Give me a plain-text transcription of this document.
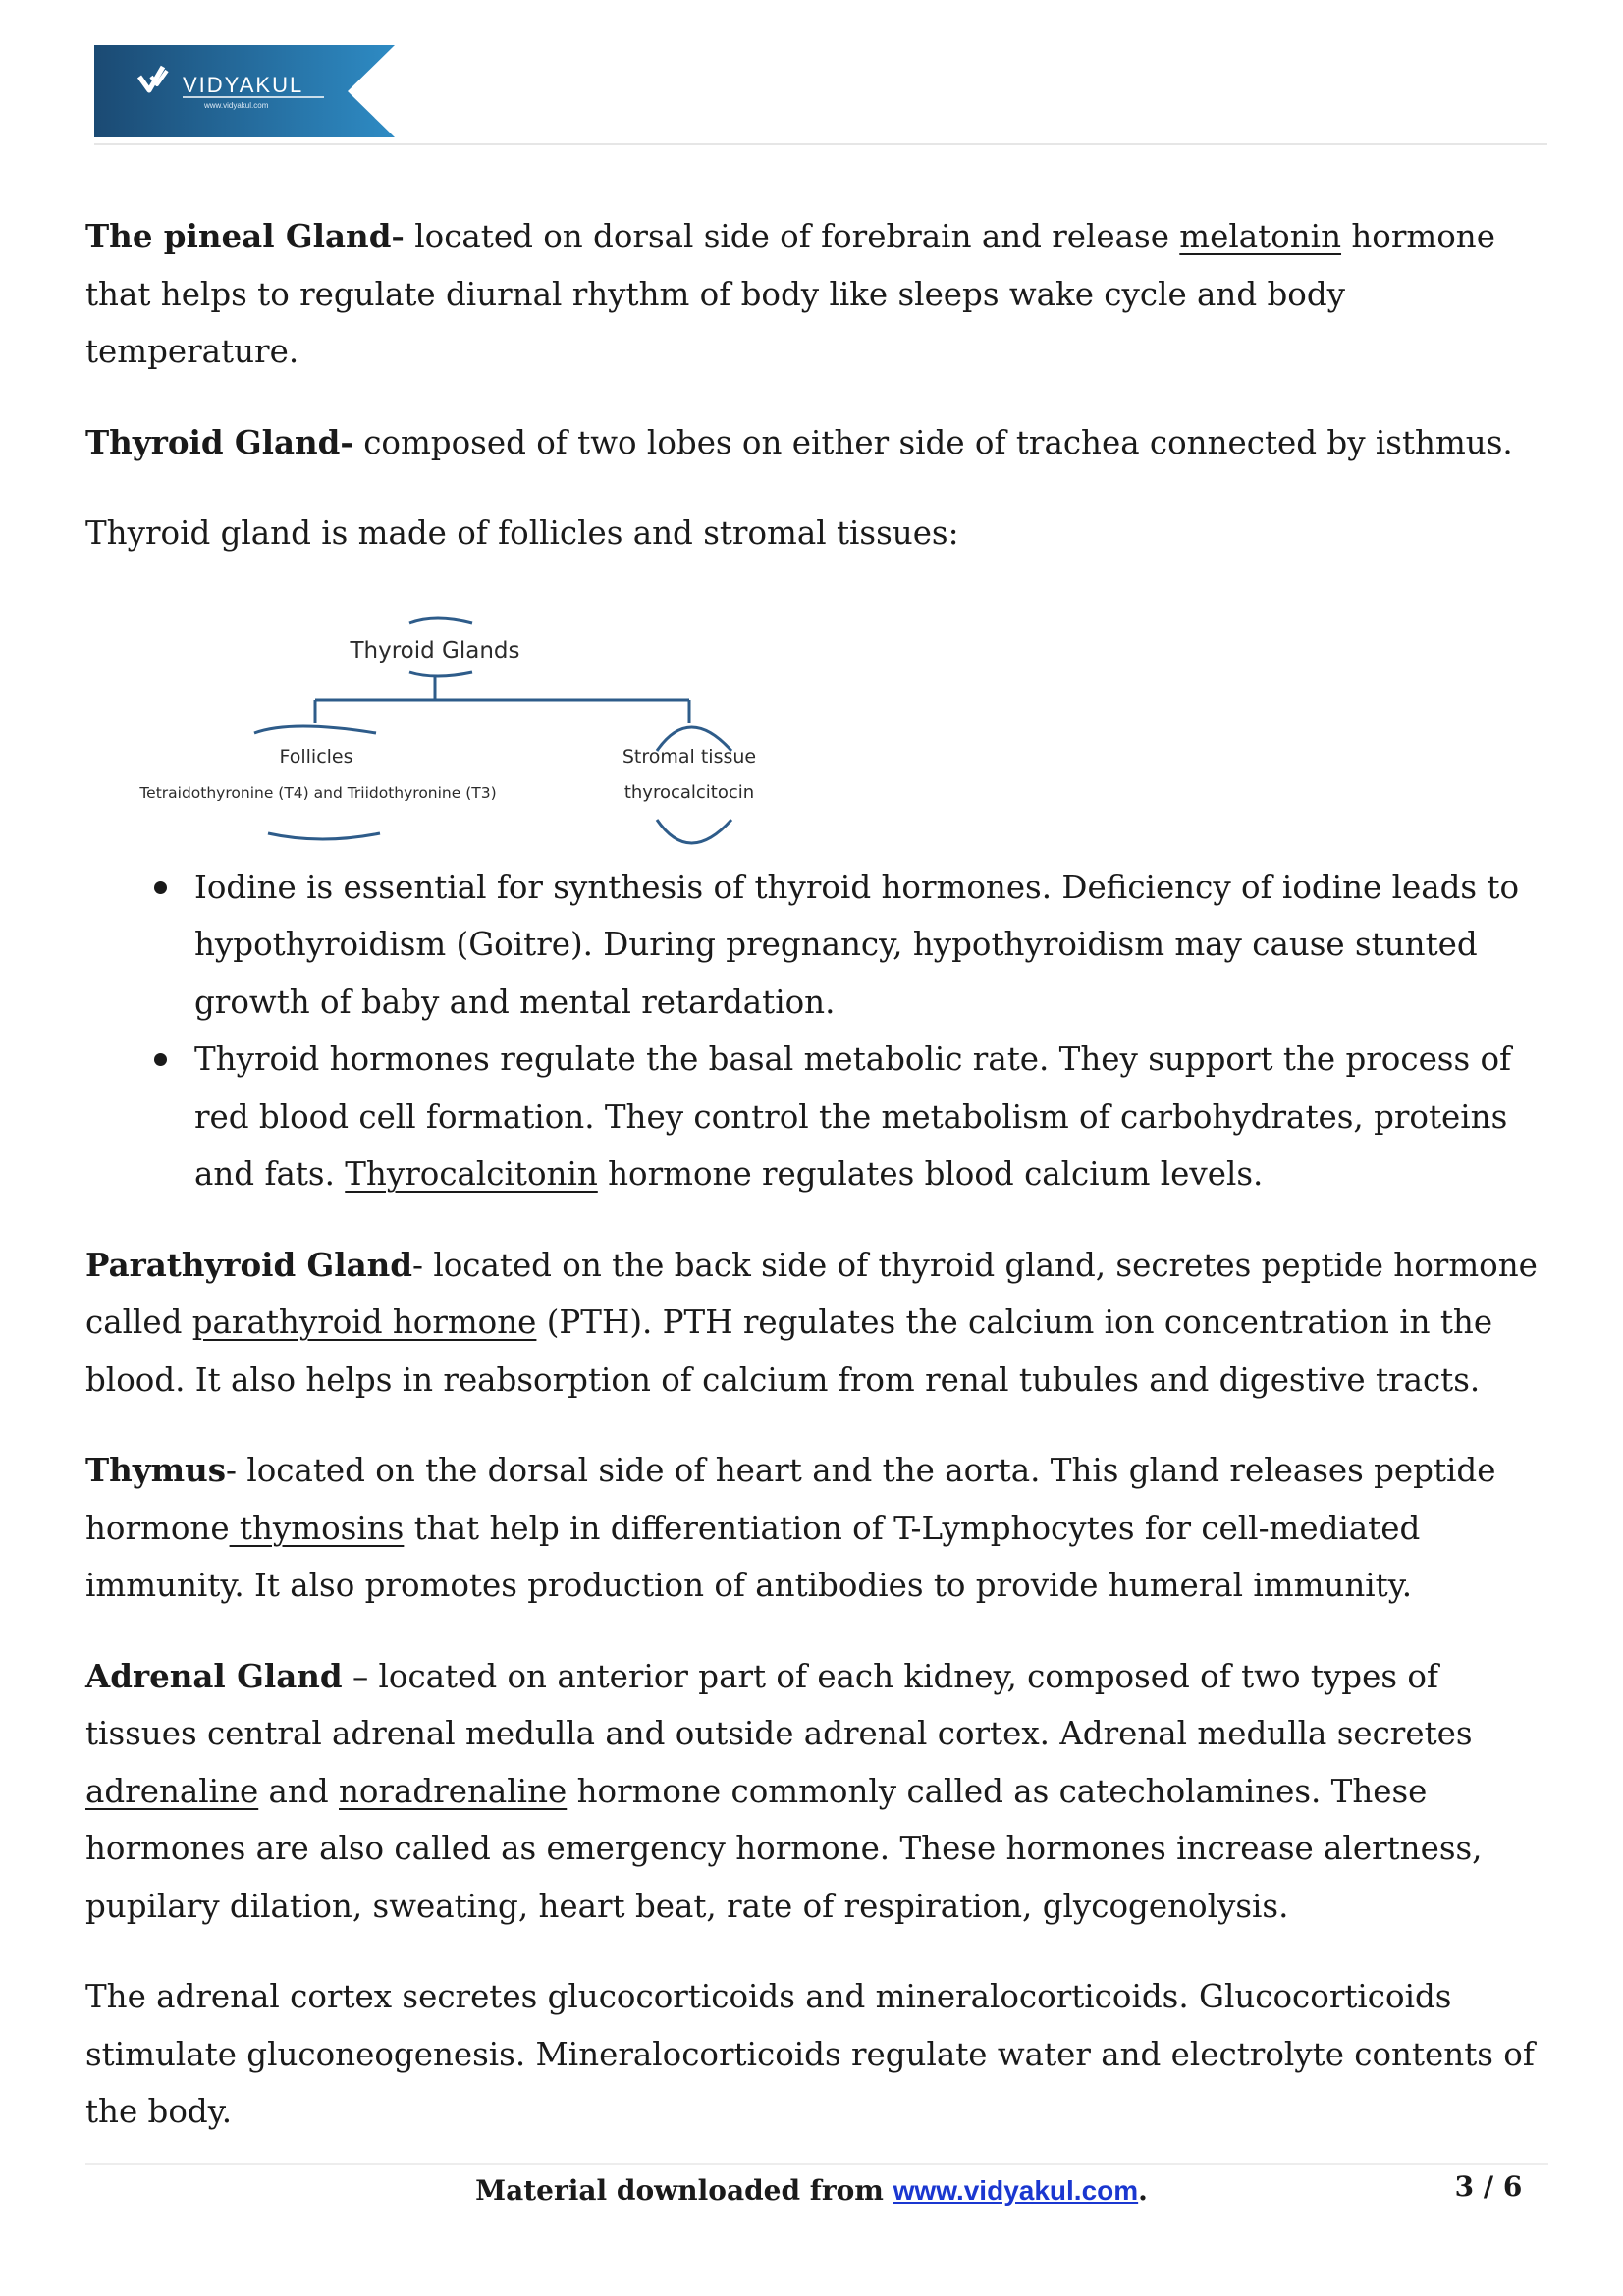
VIDYAKUL
www.vidyakul.com

The pineal Gland- located on dorsal side of forebrain and release melatonin hormone that helps to regulate diurnal rhythm of body like sleeps wake cycle and body temperature.

Thyroid Gland- composed of two lobes on either side of trachea connected by isthmus.

Thyroid gland is made of follicles and stromal tissues:

Thyroid Glands
Follicles
Tetraidothyronine (T4) and Triidothyronine (T3)
Stromal tissue
thyrocalcitocin
Iodine is essential for synthesis of thyroid hormones. Deficiency of iodine leads to hypothyroidism (Goitre). During pregnancy, hypothyroidism may cause stunted growth of baby and mental retardation.
Thyroid hormones regulate the basal metabolic rate. They support the process of red blood cell formation. They control the metabolism of carbohydrates, proteins and fats. Thyrocalcitonin hormone regulates blood calcium levels.

Parathyroid Gland- located on the back side of thyroid gland, secretes peptide hormone called parathyroid hormone (PTH). PTH regulates the calcium ion concentration in the blood. It also helps in reabsorption of calcium from renal tubules and digestive tracts.

Thymus- located on the dorsal side of heart and the aorta. This gland releases peptide hormone thymosins that help in differentiation of T-Lymphocytes for cell-mediated immunity. It also promotes production of antibodies to provide humeral immunity.

Adrenal Gland – located on anterior part of each kidney, composed of two types of tissues central adrenal medulla and outside adrenal cortex. Adrenal medulla secretes adrenaline and noradrenaline hormone commonly called as catecholamines. These hormones are also called as emergency hormone. These hormones increase alertness, pupilary dilation, sweating, heart beat, rate of respiration, glycogenolysis.

The adrenal cortex secretes glucocorticoids and mineralocorticoids. Glucocorticoids stimulate gluconeogenesis. Mineralocorticoids regulate water and electrolyte contents of the body.

Material downloaded from www.vidyakul.com.	3 / 6
